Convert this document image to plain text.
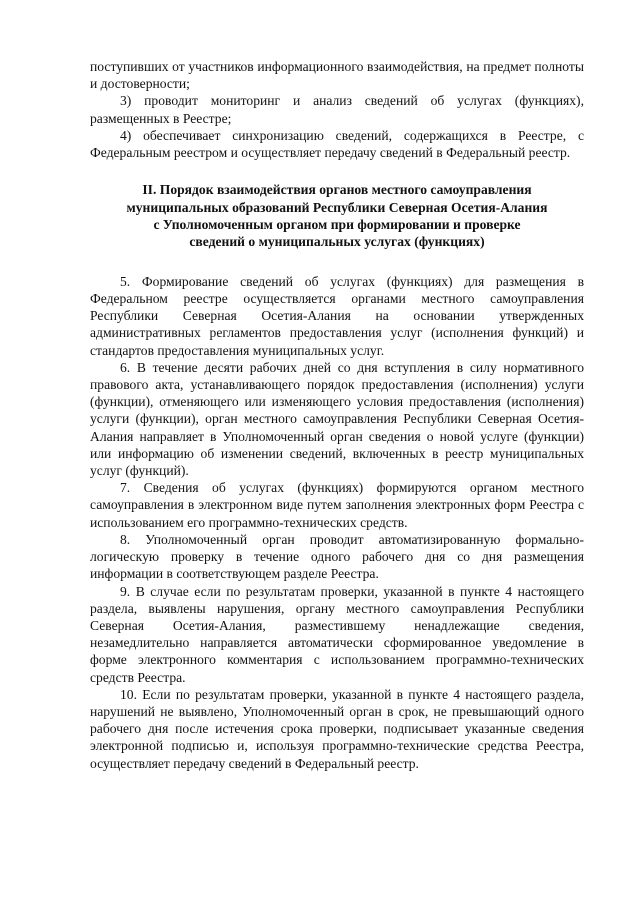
поступивших от участников информационного взаимодействия, на предмет полноты и достоверности;

3) проводит мониторинг и анализ сведений об услугах (функциях), размещенных в Реестре;

4) обеспечивает синхронизацию сведений, содержащихся в Реестре, с Федеральным реестром и осуществляет передачу сведений в Федеральный реестр.

II. Порядок взаимодействия органов местного самоуправления
муниципальных образований Республики Северная Осетия-Алания
с Уполномоченным органом при формировании и проверке
сведений о муниципальных услугах (функциях)

5. Формирование сведений об услугах (функциях) для размещения в Федеральном реестре осуществляется органами местного самоуправления Республики Северная Осетия-Алания на основании утвержденных административных регламентов предоставления услуг (исполнения функций) и стандартов предоставления муниципальных услуг.

6. В течение десяти рабочих дней со дня вступления в силу нормативного правового акта, устанавливающего порядок предоставления (исполнения) услуги (функции), отменяющего или изменяющего условия предоставления (исполнения) услуги (функции), орган местного самоуправления Республики Северная Осетия-Алания направляет в Уполномоченный орган сведения о новой услуге (функции) или информацию об изменении сведений, включенных в реестр муниципальных услуг (функций).

7. Сведения об услугах (функциях) формируются органом местного самоуправления в электронном виде путем заполнения электронных форм Реестра с использованием его программно-технических средств.

8. Уполномоченный орган проводит автоматизированную формально-логическую проверку в течение одного рабочего дня со дня размещения информации в соответствующем разделе Реестра.

9. В случае если по результатам проверки, указанной в пункте 4 настоящего раздела, выявлены нарушения, органу местного самоуправления Республики Северная Осетия-Алания, разместившему ненадлежащие сведения, незамедлительно направляется автоматически сформированное уведомление в форме электронного комментария с использованием программно-технических средств Реестра.

10. Если по результатам проверки, указанной в пункте 4 настоящего раздела, нарушений не выявлено, Уполномоченный орган в срок, не превышающий одного рабочего дня после истечения срока проверки, подписывает указанные сведения электронной подписью и, используя программно-технические средства Реестра, осуществляет передачу сведений в Федеральный реестр.
